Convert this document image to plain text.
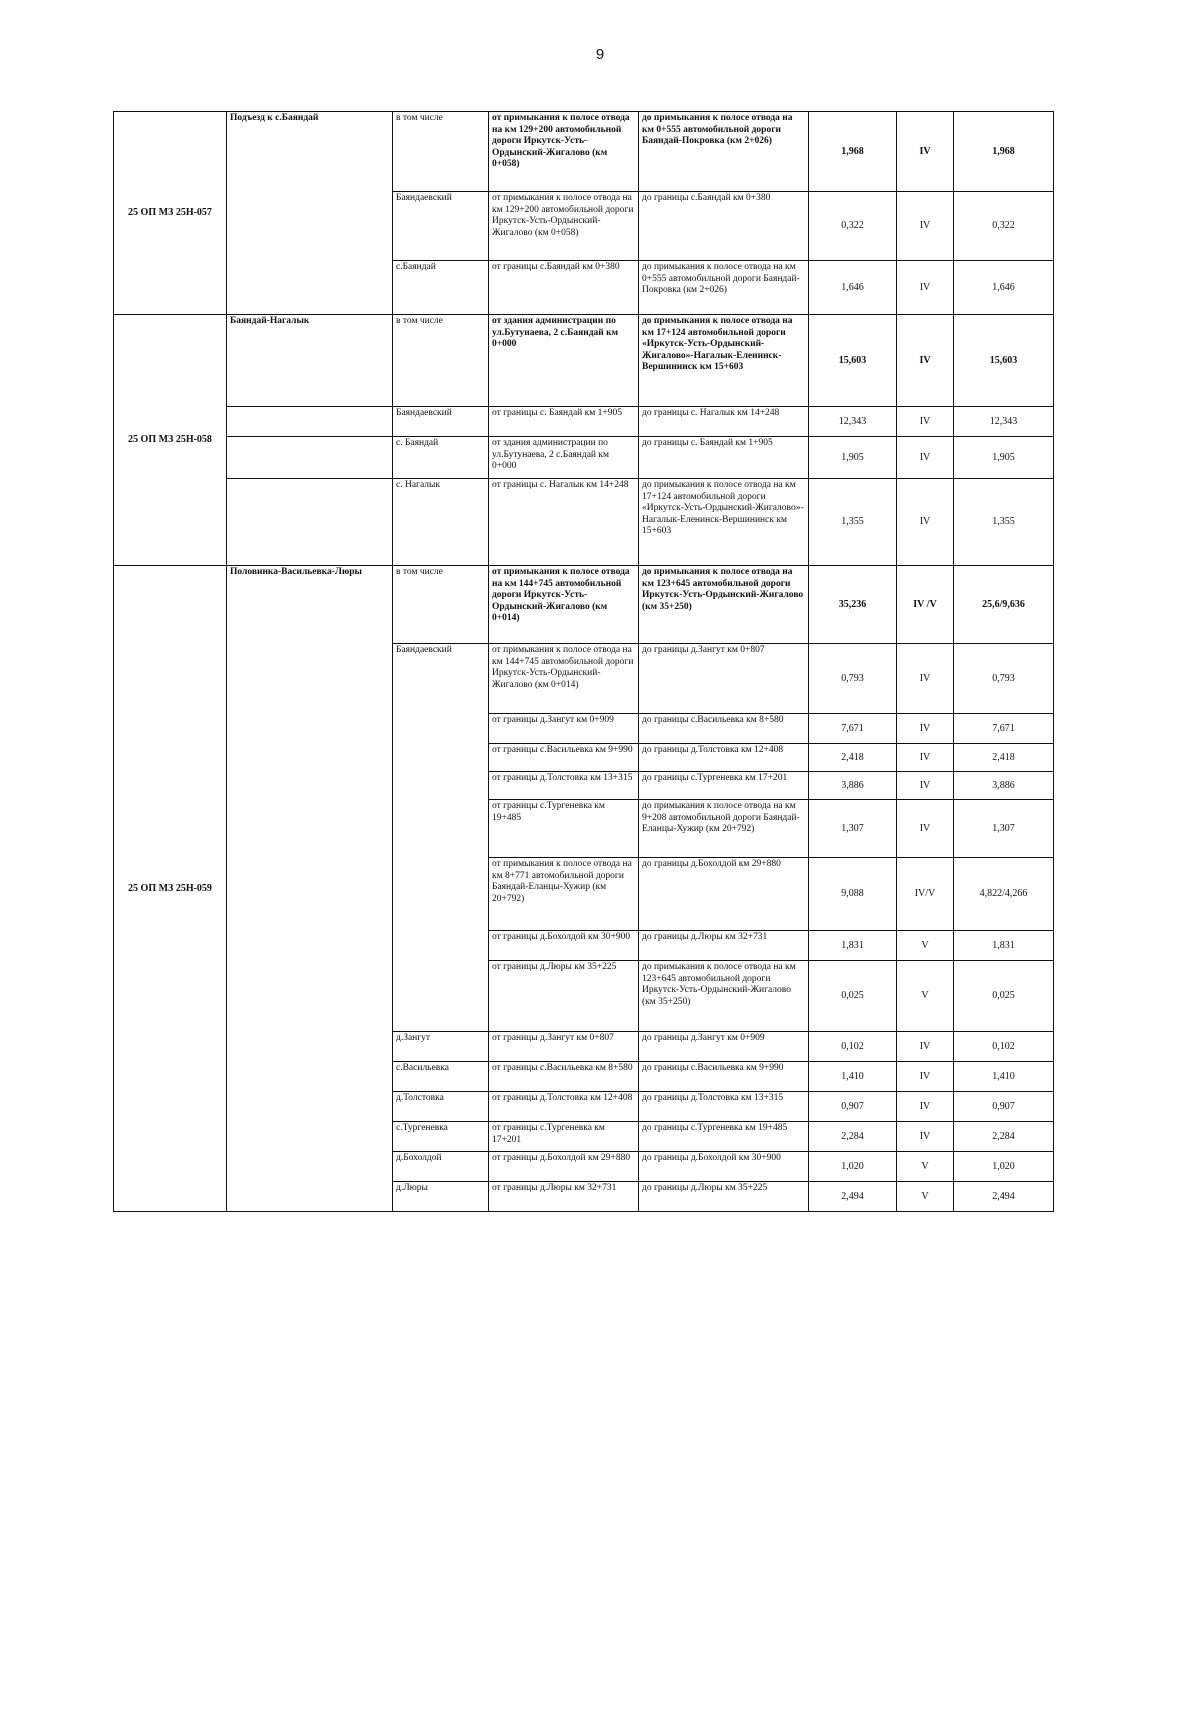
9
25 ОП МЗ 25Н-057	Подъезд к с.Баяндай	в том числе	от примыкания к полосе отвода на км 129+200 автомобильной дороги Иркутск-Усть-Ордынский-Жигалово (км 0+058)	до примыкания к полосе отвода на км 0+555 автомобильной дороги Баяндай-Покровка (км 2+026)	1,968	IV	1,968
		Баяндаевский	от примыкания к полосе отвода на км 129+200 автомобильной дороги Иркутск-Усть-Ордынский-Жигалово (км 0+058)	до границы с.Баяндай км 0+380	0,322	IV	0,322
		с.Баяндай	от границы с.Баяндай км 0+380	до примыкания к полосе отвода на км 0+555 автомобильной дороги Баяндай-Покровка (км 2+026)	1,646	IV	1,646
25 ОП МЗ 25Н-058	Баяндай-Нагалык	в том числе	от здания администрации по ул.Бутунаева, 2 с.Баяндай км 0+000	до примыкания к полосе отвода на км 17+124 автомобильной дороги «Иркутск-Усть-Ордынский-Жигалово»-Нагалык-Еленинск-Вершининск км 15+603	15,603	IV	15,603
		Баяндаевский	от границы с. Баяндай км 1+905	до границы с. Нагалык км 14+248	12,343	IV	12,343
		с. Баяндай	от здания администрации по ул.Бутунаева, 2 с.Баяндай км 0+000	до границы с. Баяндай км 1+905	1,905	IV	1,905
		с. Нагалык	от границы с. Нагалык км 14+248	до примыкания к полосе отвода на км 17+124 автомобильной дороги «Иркутск-Усть-Ордынский-Жигалово»-Нагалык-Еленинск-Вершининск км 15+603	1,355	IV	1,355
25 ОП МЗ 25Н-059	Половинка-Васильевка-Люры	в том числе	от примыкания к полосе отвода на км 144+745 автомобильной дороги Иркутск-Усть-Ордынский-Жигалово (км 0+014)	до примыкания к полосе отвода на км 123+645 автомобильной дороги Иркутск-Усть-Ордынский-Жигалово (км 35+250)	35,236	IV /V	25,6/9,636
		Баяндаевский	от примыкания к полосе отвода на км 144+745 автомобильной дороги Иркутск-Усть-Ордынский-Жигалово (км 0+014)	до границы д.Зангут км 0+807	0,793	IV	0,793
			от границы д.Зангут км 0+909	до границы с.Васильевка км 8+580	7,671	IV	7,671
			от границы с.Васильевка км 9+990	до границы д.Толстовка км 12+408	2,418	IV	2,418
			от границы д.Толстовка км 13+315	до границы с.Тургеневка км 17+201	3,886	IV	3,886
			от границы с.Тургеневка км 19+485	до примыкания к полосе отвода на км 9+208 автомобильной дороги Баяндай-Еланцы-Хужир (км 20+792)	1,307	IV	1,307
			от примыкания к полосе отвода на км 8+771 автомобильной дороги Баяндай-Еланцы-Хужир (км 20+792)	до границы д.Бохолдой км 29+880	9,088	IV/V	4,822/4,266
			от границы д.Бохолдой км 30+900	до границы д.Люры км 32+731	1,831	V	1,831
			от границы д.Люры км 35+225	до примыкания к полосе отвода на км 123+645 автомобильной дороги Иркутск-Усть-Ордынский-Жигалово (км 35+250)	0,025	V	0,025
		д.Зангут	от границы д.Зангут км 0+807	до границы д.Зангут км 0+909	0,102	IV	0,102
		с.Васильевка	от границы с.Васильевка км 8+580	до границы с.Васильевка км 9+990	1,410	IV	1,410
		д.Толстовка	от границы д.Толстовка км 12+408	до границы д.Толстовка км 13+315	0,907	IV	0,907
		с.Тургеневка	от границы с.Тургеневка км 17+201	до границы с.Тургеневка км 19+485	2,284	IV	2,284
		д.Бохолдой	от границы д.Бохолдой км 29+880	до границы д.Бохолдой км 30+900	1,020	V	1,020
		д.Люры	от границы д.Люры км 32+731	до границы д.Люры км 35+225	2,494	V	2,494
